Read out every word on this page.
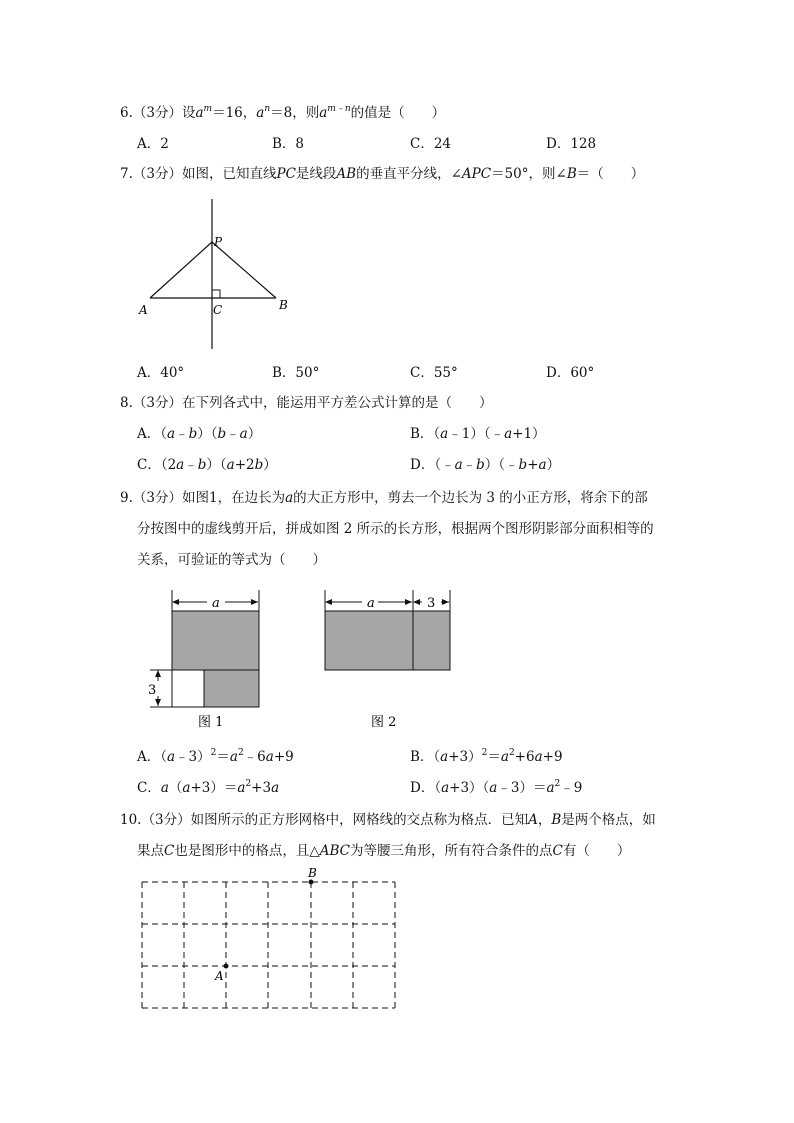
6.（3分）设$a^m=16$，$a^n=8$，则$a^{m﹣n}$的值是（　　）
A．2	B．8	C．24	D．128
7.（3分）如图，已知直线PC是线段AB的垂直平分线，∠APC＝50°，则∠B＝（　　）
P
A	C	B
A．40°	B．50°	C．55°	D．60°
8.（3分）在下列各式中，能运用平方差公式计算的是（　　）
A．（a﹣b）（b﹣a）	B．（a﹣1）（﹣a+1）
C．（2a﹣b）（a+2b）	D．（﹣a﹣b）（﹣b+a）
9.（3分）如图1，在边长为a的大正方形中，剪去一个边长为 3 的小正方形，将余下的部
分按图中的虚线剪开后，拼成如图 2 所示的长方形，根据两个图形阴影部分面积相等的
关系，可验证的等式为（　　）
a
3
图 1
a	3
图 2
A．$(a﹣3)^2=a^2﹣6a+9$	B．$(a+3)^2=a^2+6a+9$
C．$a(a+3)=a^2+3a$	D．$(a+3)(a﹣3)=a^2﹣9$
10.（3分）如图所示的正方形网格中，网格线的交点称为格点．已知A，B是两个格点，如
果点C也是图形中的格点，且△ABC为等腰三角形，所有符合条件的点C有（　　）
B
A
